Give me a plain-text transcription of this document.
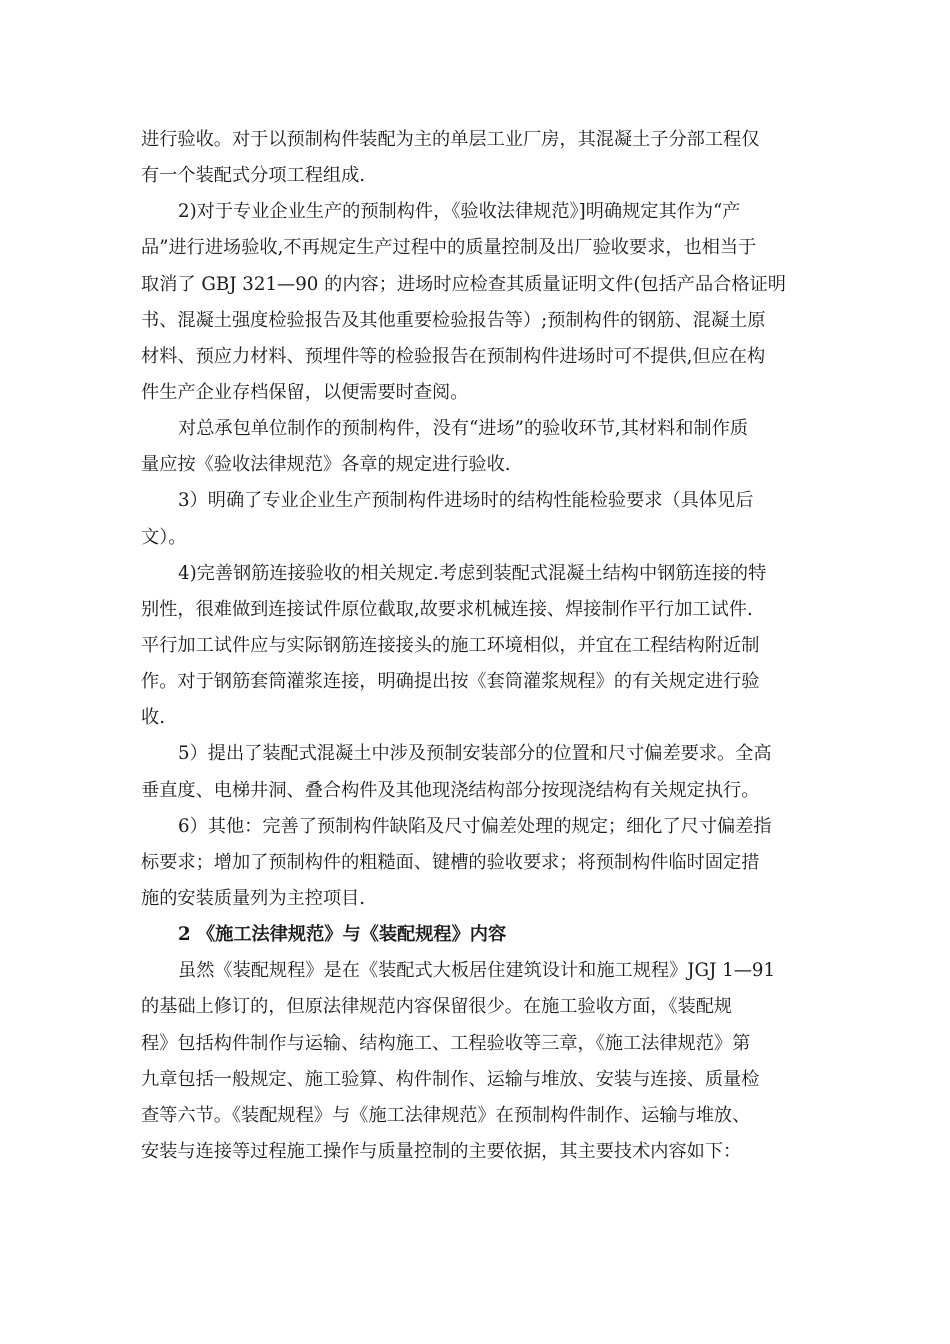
进行验收。对于以预制构件装配为主的单层工业厂房，其混凝土子分部工程仅
有一个装配式分项工程组成.
2)对于专业企业生产的预制构件，《验收法律规范》]明确规定其作为“产
品”进行进场验收,不再规定生产过程中的质量控制及出厂验收要求，也相当于
取消了 GBJ 321—90 的内容；进场时应检查其质量证明文件(包括产品合格证明
书、混凝土强度检验报告及其他重要检验报告等）;预制构件的钢筋、混凝土原
材料、预应力材料、预埋件等的检验报告在预制构件进场时可不提供,但应在构
件生产企业存档保留，以便需要时查阅。
对总承包单位制作的预制构件，没有“进场”的验收环节,其材料和制作质
量应按《验收法律规范》各章的规定进行验收.
3）明确了专业企业生产预制构件进场时的结构性能检验要求（具体见后
文）。
4)完善钢筋连接验收的相关规定.考虑到装配式混凝土结构中钢筋连接的特
别性，很难做到连接试件原位截取,故要求机械连接、焊接制作平行加工试件.
平行加工试件应与实际钢筋连接接头的施工环境相似，并宜在工程结构附近制
作。对于钢筋套筒灌浆连接，明确提出按《套筒灌浆规程》的有关规定进行验
收.
5）提出了装配式混凝土中涉及预制安装部分的位置和尺寸偏差要求。全高
垂直度、电梯井洞、叠合构件及其他现浇结构部分按现浇结构有关规定执行。
6）其他：完善了预制构件缺陷及尺寸偏差处理的规定；细化了尺寸偏差指
标要求；增加了预制构件的粗糙面、键槽的验收要求；将预制构件临时固定措
施的安装质量列为主控项目.
2 《施工法律规范》与《装配规程》内容
虽然《装配规程》是在《装配式大板居住建筑设计和施工规程》JGJ 1—91
的基础上修订的，但原法律规范内容保留很少。在施工验收方面，《装配规
程》包括构件制作与运输、结构施工、工程验收等三章，《施工法律规范》第
九章包括一般规定、施工验算、构件制作、运输与堆放、安装与连接、质量检
查等六节。《装配规程》与《施工法律规范》在预制构件制作、运输与堆放、
安装与连接等过程施工操作与质量控制的主要依据，其主要技术内容如下：
